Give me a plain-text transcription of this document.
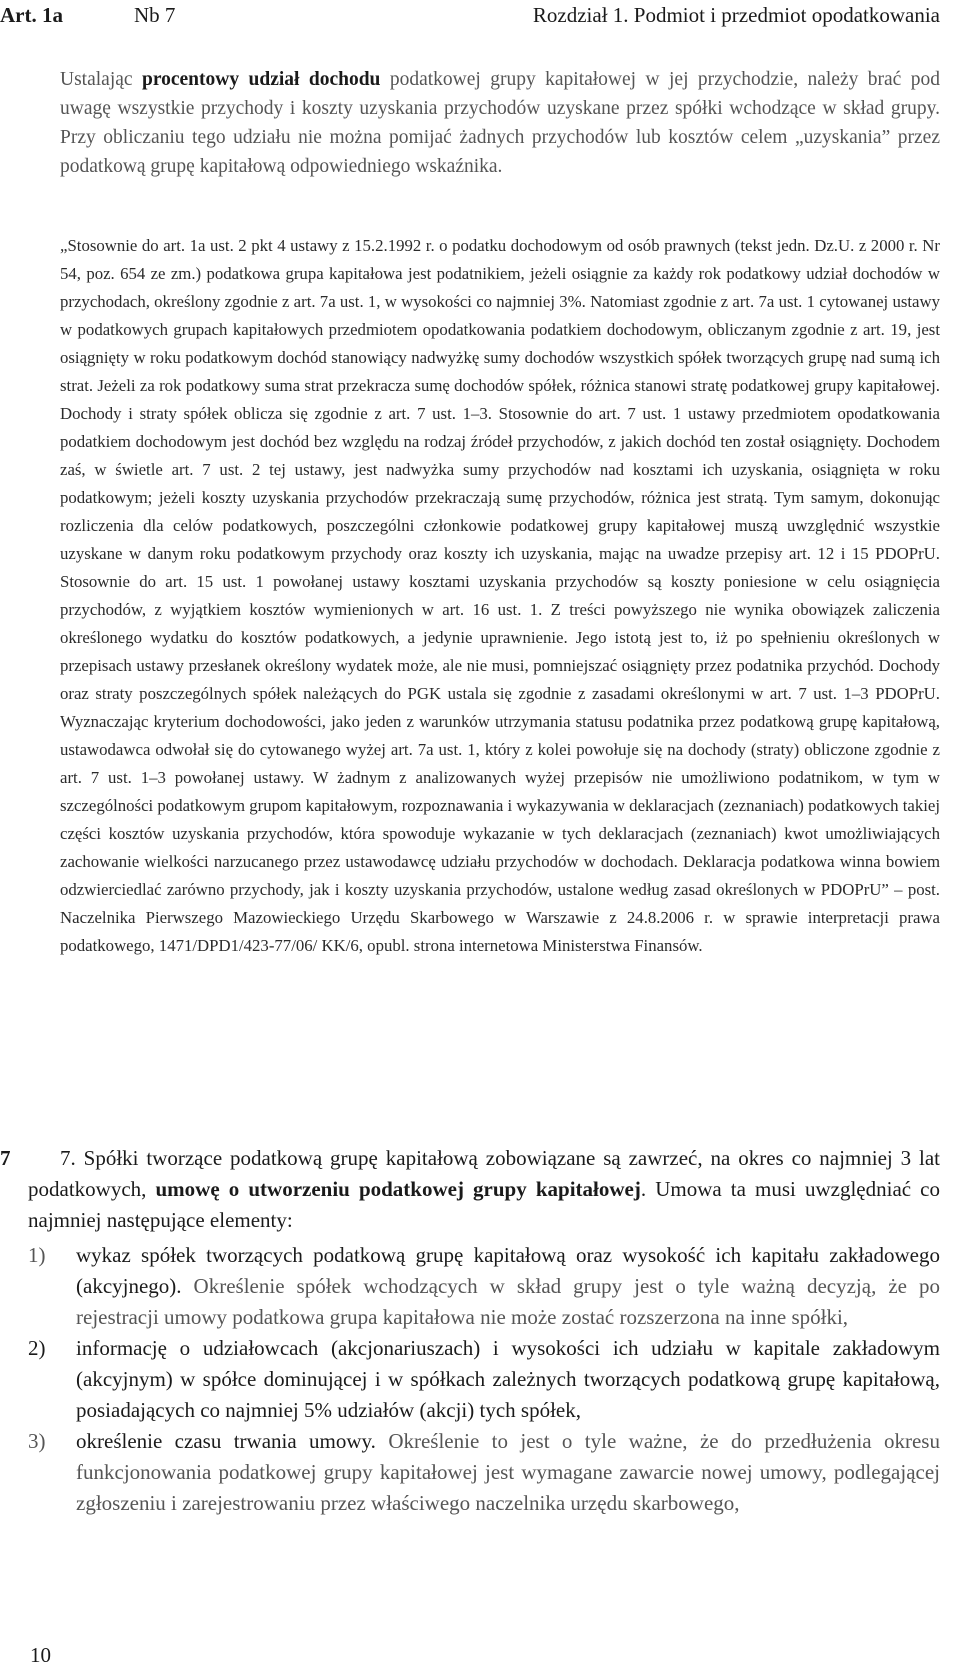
Art. 1a	Nb 7	Rozdział 1. Podmiot i przedmiot opodatkowania

Ustalając procentowy udział dochodu podatkowej grupy kapitałowej w jej przychodzie, należy brać pod uwagę wszystkie przychody i koszty uzyskania przychodów uzyskane przez spółki wchodzące w skład grupy. Przy obliczaniu tego udziału nie można pomijać żadnych przychodów lub kosztów celem „uzyskania” przez podatkową grupę kapitałową odpowiedniego wskaźnika.

„Stosownie do art. 1a ust. 2 pkt 4 ustawy z 15.2.1992 r. o podatku dochodowym od osób prawnych (tekst jedn. Dz.U. z 2000 r. Nr 54, poz. 654 ze zm.) podatkowa grupa kapitałowa jest podatnikiem, jeżeli osiągnie za każdy rok podatkowy udział dochodów w przychodach, określony zgodnie z art. 7a ust. 1, w wysokości co najmniej 3%. Natomiast zgodnie z art. 7a ust. 1 cytowanej ustawy w podatkowych grupach kapitałowych przedmiotem opodatkowania podatkiem dochodowym, obliczanym zgodnie z art. 19, jest osiągnięty w roku podatkowym dochód stanowiący nadwyżkę sumy dochodów wszystkich spółek tworzących grupę nad sumą ich strat. Jeżeli za rok podatkowy suma strat przekracza sumę dochodów spółek, różnica stanowi stratę podatkowej grupy kapitałowej. Dochody i straty spółek oblicza się zgodnie z art. 7 ust. 1–3. Stosownie do art. 7 ust. 1 ustawy przedmiotem opodatkowania podatkiem dochodowym jest dochód bez względu na rodzaj źródeł przychodów, z jakich dochód ten został osiągnięty. Dochodem zaś, w świetle art. 7 ust. 2 tej ustawy, jest nadwyżka sumy przychodów nad kosztami ich uzyskania, osiągnięta w roku podatkowym; jeżeli koszty uzyskania przychodów przekraczają sumę przychodów, różnica jest stratą. Tym samym, dokonując rozliczenia dla celów podatkowych, poszczególni członkowie podatkowej grupy kapitałowej muszą uwzględnić wszystkie uzyskane w danym roku podatkowym przychody oraz koszty ich uzyskania, mając na uwadze przepisy art. 12 i 15 PDOPrU. Stosownie do art. 15 ust. 1 powołanej ustawy kosztami uzyskania przychodów są koszty poniesione w celu osiągnięcia przychodów, z wyjątkiem kosztów wymienionych w art. 16 ust. 1. Z treści powyższego nie wynika obowiązek zaliczenia określonego wydatku do kosztów podatkowych, a jedynie uprawnienie. Jego istotą jest to, iż po spełnieniu określonych w przepisach ustawy przesłanek określony wydatek może, ale nie musi, pomniejszać osiągnięty przez podatnika przychód. Dochody oraz straty poszczególnych spółek należących do PGK ustala się zgodnie z zasadami określonymi w art. 7 ust. 1–3 PDOPrU. Wyznaczając kryterium dochodowości, jako jeden z warunków utrzymania statusu podatnika przez podatkową grupę kapitałową, ustawodawca odwołał się do cytowanego wyżej art. 7a ust. 1, który z kolei powołuje się na dochody (straty) obliczone zgodnie z art. 7 ust. 1–3 powołanej ustawy. W żadnym z analizowanych wyżej przepisów nie umożliwiono podatnikom, w tym w szczególności podatkowym grupom kapitałowym, rozpoznawania i wykazywania w deklaracjach (zeznaniach) podatkowych takiej części kosztów uzyskania przychodów, która spowoduje wykazanie w tych deklaracjach (zeznaniach) kwot umożliwiających zachowanie wielkości narzucanego przez ustawodawcę udziału przychodów w dochodach. Deklaracja podatkowa winna bowiem odzwierciedlać zarówno przychody, jak i koszty uzyskania przychodów, ustalone według zasad określonych w PDOPrU” – post. Naczelnika Pierwszego Mazowieckiego Urzędu Skarbowego w Warszawie z 24.8.2006 r. w sprawie interpretacji prawa podatkowego, 1471/DPD1/423-77/06/ KK/6, opubl. strona internetowa Ministerstwa Finansów.

7	7. Spółki tworzące podatkową grupę kapitałową zobowiązane są zawrzeć, na okres co najmniej 3 lat podatkowych, umowę o utworzeniu podatkowej grupy kapitałowej. Umowa ta musi uwzględniać co najmniej następujące elementy:

1) wykaz spółek tworzących podatkową grupę kapitałową oraz wysokość ich kapitału zakładowego (akcyjnego). Określenie spółek wchodzących w skład grupy jest o tyle ważną decyzją, że po rejestracji umowy podatkowa grupa kapitałowa nie może zostać rozszerzona na inne spółki,
2) informację o udziałowcach (akcjonariuszach) i wysokości ich udziału w kapitale zakładowym (akcyjnym) w spółce dominującej i w spółkach zależnych tworzących podatkową grupę kapitałową, posiadających co najmniej 5% udziałów (akcji) tych spółek,
3) określenie czasu trwania umowy. Określenie to jest o tyle ważne, że do przedłużenia okresu funkcjonowania podatkowej grupy kapitałowej jest wymagane zawarcie nowej umowy, podlegającej zgłoszeniu i zarejestrowaniu przez właściwego naczelnika urzędu skarbowego,
10
